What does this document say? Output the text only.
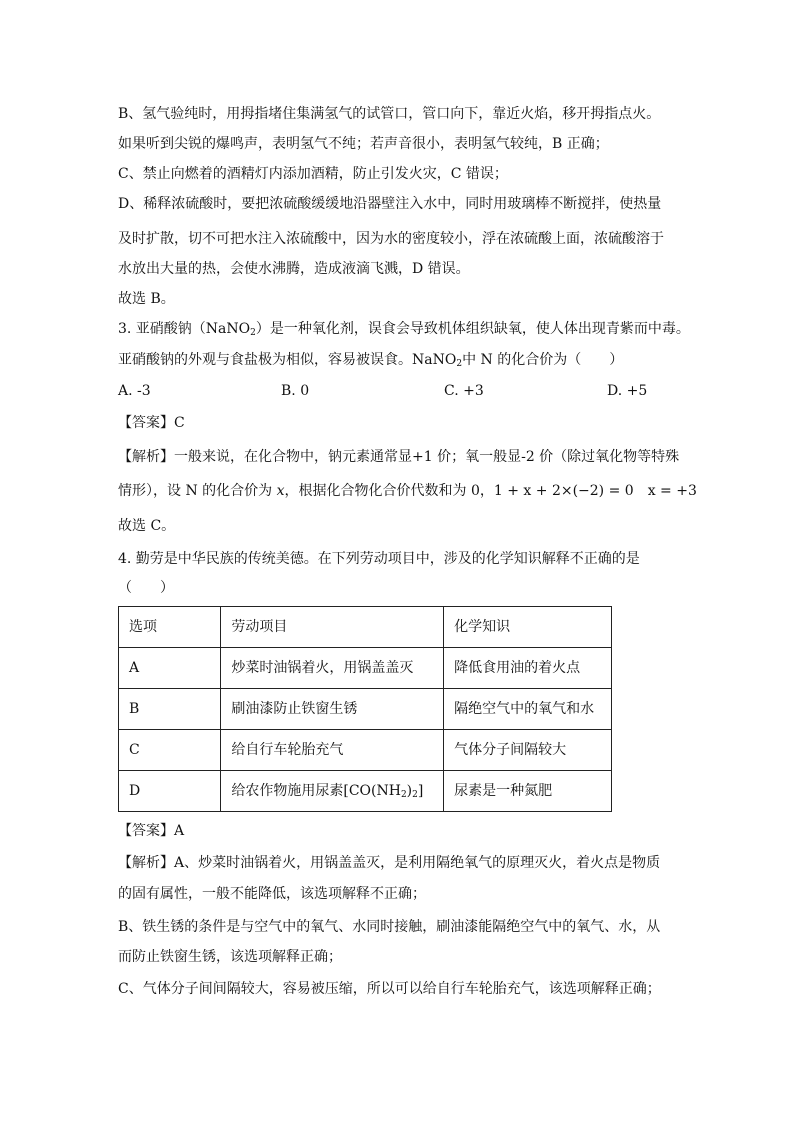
B、氢气验纯时，用拇指堵住集满氢气的试管口，管口向下，靠近火焰，移开拇指点火。
如果听到尖锐的爆鸣声，表明氢气不纯；若声音很小，表明氢气较纯，B 正确；
C、禁止向燃着的酒精灯内添加酒精，防止引发火灾，C 错误；
D、稀释浓硫酸时，要把浓硫酸缓缓地沿器壁注入水中，同时用玻璃棒不断搅拌，使热量
及时扩散，切不可把水注入浓硫酸中，因为水的密度较小，浮在浓硫酸上面，浓硫酸溶于
水放出大量的热，会使水沸腾，造成液滴飞溅，D 错误。
故选 B。
3. 亚硝酸钠（NaNO$_2$）是一种氧化剂，误食会导致机体组织缺氧，使人体出现青紫而中毒。
亚硝酸钠的外观与食盐极为相似，容易被误食。NaNO$_2$中 N 的化合价为（　　）
A. -3	B. 0	C. +3	D. +5
【答案】C
【解析】一般来说，在化合物中，钠元素通常显+1 价；氧一般显-2 价（除过氧化物等特殊
情形），设 N 的化合价为 x，根据化合物化合价代数和为 0，1 + x + 2×(−2) = 0 x = +3
故选 C。
4. 勤劳是中华民族的传统美德。在下列劳动项目中，涉及的化学知识解释不正确的是
（　　）
选项	劳动项目	化学知识
A	炒菜时油锅着火，用锅盖盖灭	降低食用油的着火点
B	刷油漆防止铁窗生锈	隔绝空气中的氧气和水
C	给自行车轮胎充气	气体分子间隔较大
D	给农作物施用尿素$[CO(NH_2)_2]$	尿素是一种氮肥
【答案】A
【解析】A、炒菜时油锅着火，用锅盖盖灭，是利用隔绝氧气的原理灭火，着火点是物质
的固有属性，一般不能降低，该选项解释不正确；
B、铁生锈的条件是与空气中的氧气、水同时接触，刷油漆能隔绝空气中的氧气、水，从
而防止铁窗生锈，该选项解释正确；
C、气体分子间间隔较大，容易被压缩，所以可以给自行车轮胎充气，该选项解释正确；
